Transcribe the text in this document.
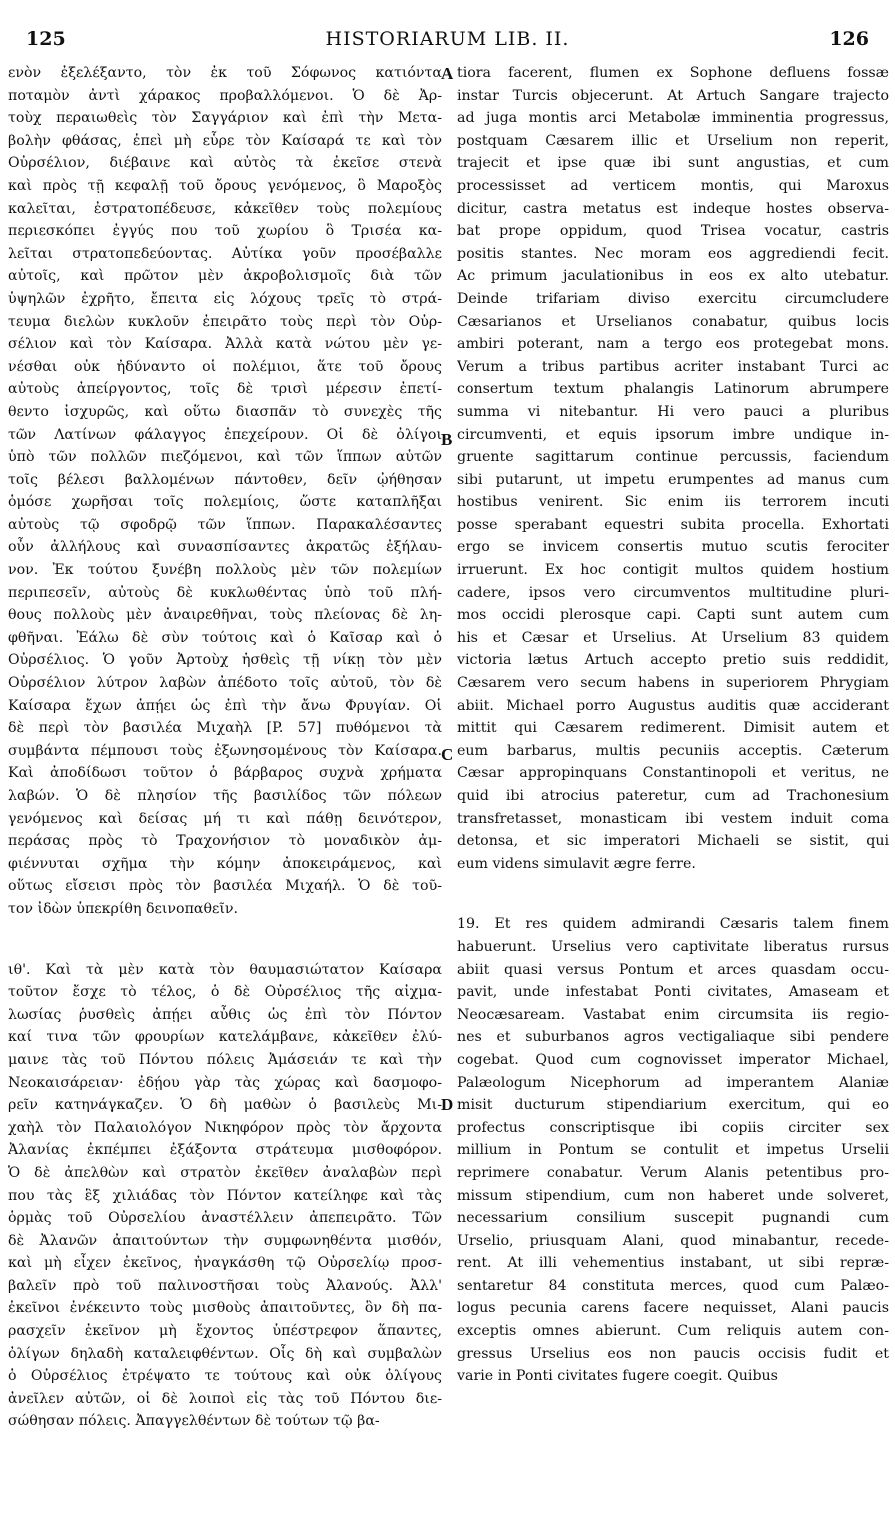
125	HISTORIARUM LIB. II.	126
A
B
C
D
ενὸν ἐξελέξαντο, τὸν ἐκ τοῦ Σόφωνος κατιόντα
ποταμὸν ἀντὶ χάρακος προβαλλόμενοι. Ὁ δὲ Ἀρ-
τοὺχ περαιωθεὶς τὸν Σαγγάριον καὶ ἐπὶ τὴν Μετα-
βολὴν φθάσας, ἐπεὶ μὴ εὗρε τὸν Καίσαρά τε καὶ τὸν
Οὐρσέλιον, διέβαινε καὶ αὐτὸς τὰ ἐκεῖσε στενὰ
καὶ πρὸς τῇ κεφαλῇ τοῦ ὄρους γενόμενος, ὃ Μαροξὸς
καλεῖται, ἐστρατοπέδευσε, κἀκεῖθεν τοὺς πολεμίους
περιεσκόπει ἐγγύς που τοῦ χωρίου ὃ Τρισέα κα-
λεῖται στρατοπεδεύοντας. Αὐτίκα γοῦν προσέβαλλε
αὐτοῖς, καὶ πρῶτον μὲν ἀκροβολισμοῖς διὰ τῶν
ὑψηλῶν ἐχρῆτο, ἔπειτα εἰς λόχους τρεῖς τὸ στρά-
τευμα διελὼν κυκλοῦν ἐπειρᾶτο τοὺς περὶ τὸν Οὐρ-
σέλιον καὶ τὸν Καίσαρα. Ἀλλὰ κατὰ νώτου μὲν γε-
νέσθαι οὐκ ἠδύναντο οἱ πολέμιοι, ἅτε τοῦ ὄρους
αὐτοὺς ἀπείργοντος, τοῖς δὲ τρισὶ μέρεσιν ἐπετί-
θεντο ἰσχυρῶς, καὶ οὕτω διασπᾶν τὸ συνεχὲς τῆς
τῶν Λατίνων φάλαγγος ἐπεχείρουν. Οἱ δὲ ὀλίγοι
ὑπὸ τῶν πολλῶν πιεζόμενοι, καὶ τῶν ἵππων αὐτῶν
τοῖς βέλεσι βαλλομένων πάντοθεν, δεῖν ᾠήθησαν
ὁμόσε χωρῆσαι τοῖς πολεμίοις, ὥστε καταπλῆξαι
αὐτοὺς τῷ σφοδρῷ τῶν ἵππων. Παρακαλέσαντες
οὖν ἀλλήλους καὶ συνασπίσαντες ἀκρατῶς ἐξήλαυ-
νον. Ἐκ τούτου ξυνέβη πολλοὺς μὲν τῶν πολεμίων
περιπεσεῖν, αὐτοὺς δὲ κυκλωθέντας ὑπὸ τοῦ πλή-
θους πολλοὺς μὲν ἀναιρεθῆναι, τοὺς πλείονας δὲ λη-
φθῆναι. Ἑάλω δὲ σὺν τούτοις καὶ ὁ Καῖσαρ καὶ ὁ
Οὐρσέλιος. Ὁ γοῦν Ἀρτοὺχ ἡσθεὶς τῇ νίκῃ τὸν μὲν
Οὐρσέλιον λύτρον λαβὼν ἀπέδοτο τοῖς αὐτοῦ, τὸν δὲ
Καίσαρα ἔχων ἀπῄει ὡς ἐπὶ τὴν ἄνω Φρυγίαν. Οἱ
δὲ περὶ τὸν βασιλέα Μιχαὴλ [P. 57] πυθόμενοι τὰ
συμβάντα πέμπουσι τοὺς ἐξωνησομένους τὸν Καίσαρα.
Καὶ ἀποδίδωσι τοῦτον ὁ βάρβαρος συχνὰ χρήματα
λαβών. Ὁ δὲ πλησίον τῆς βασιλίδος τῶν πόλεων
γενόμενος καὶ δείσας μή τι καὶ πάθῃ δεινότερον,
περάσας πρὸς τὸ Τραχονήσιον τὸ μοναδικὸν ἀμ-
φιέννυται σχῆμα τὴν κόμην ἀποκειράμενος, καὶ
οὕτως εἴσεισι πρὸς τὸν βασιλέα Μιχαήλ. Ὁ δὲ τοῦ-
τον ἰδὼν ὑπεκρίθη δεινοπαθεῖν.
ιθ'. Καὶ τὰ μὲν κατὰ τὸν θαυμασιώτατον Καίσαρα
τοῦτον ἔσχε τὸ τέλος, ὁ δὲ Οὐρσέλιος τῆς αἰχμα-
λωσίας ῥυσθεὶς ἀπῄει αὖθις ὡς ἐπὶ τὸν Πόντον
καί τινα τῶν φρουρίων κατελάμβανε, κἀκεῖθεν ἐλύ-
μαινε τὰς τοῦ Πόντου πόλεις Ἀμάσειάν τε καὶ τὴν
Νεοκαισάρειαν· ἐδῄου γὰρ τὰς χώρας καὶ δασμοφο-
ρεῖν κατηνάγκαζεν. Ὁ δὴ μαθὼν ὁ βασιλεὺς Μι-
χαὴλ τὸν Παλαιολόγον Νικηφόρον πρὸς τὸν ἄρχοντα
Ἀλανίας ἐκπέμπει ἐξάξοντα στράτευμα μισθοφόρον.
Ὁ δὲ ἀπελθὼν καὶ στρατὸν ἐκεῖθεν ἀναλαβὼν περὶ
που τὰς ἓξ χιλιάδας τὸν Πόντον κατείληφε καὶ τὰς
ὁρμὰς τοῦ Οὐρσελίου ἀναστέλλειν ἀπεπειρᾶτο. Τῶν
δὲ Ἀλανῶν ἀπαιτούντων τὴν συμφωνηθέντα μισθόν,
καὶ μὴ εἶχεν ἐκεῖνος, ἠναγκάσθη τῷ Οὐρσελίῳ προσ-
βαλεῖν πρὸ τοῦ παλινοστῆσαι τοὺς Ἀλανούς. Ἀλλ'
ἐκεῖνοι ἐνέκειντο τοὺς μισθοὺς ἀπαιτοῦντες, ὃν δὴ πα-
ρασχεῖν ἐκεῖνον μὴ ἔχοντος ὑπέστρεφον ἅπαντες,
ὀλίγων δηλαδὴ καταλειφθέντων. Οἷς δὴ καὶ συμβαλὼν
ὁ Οὐρσέλιος ἐτρέψατο τε τούτους καὶ οὐκ ὀλίγους
ἀνεῖλεν αὐτῶν, οἱ δὲ λοιποὶ εἰς τὰς τοῦ Πόντου διε-
σώθησαν πόλεις. Ἀπαγγελθέντων δὲ τούτων τῷ βα-
tiora facerent, flumen ex Sophone defluens fossæ
instar Turcis objecerunt. At Artuch Sangare trajecto
ad juga montis arci Metabolæ imminentia progressus,
postquam Cæsarem illic et Urselium non reperit,
trajecit et ipse quæ ibi sunt angustias, et cum
processisset ad verticem montis, qui Maroxus
dicitur, castra metatus est indeque hostes observa-
bat prope oppidum, quod Trisea vocatur, castris
positis stantes. Nec moram eos aggrediendi fecit.
Ac primum jaculationibus in eos ex alto utebatur.
Deinde trifariam diviso exercitu circumcludere
Cæsarianos et Urselianos conabatur, quibus locis
ambiri poterant, nam a tergo eos protegebat mons.
Verum a tribus partibus acriter instabant Turci ac
consertum textum phalangis Latinorum abrumpere
summa vi nitebantur. Hi vero pauci a pluribus
circumventi, et equis ipsorum imbre undique in-
gruente sagittarum continue percussis, faciendum
sibi putarunt, ut impetu erumpentes ad manus cum
hostibus venirent. Sic enim iis terrorem incuti
posse sperabant equestri subita procella. Exhortati
ergo se invicem consertis mutuo scutis ferociter
irruerunt. Ex hoc contigit multos quidem hostium
cadere, ipsos vero circumventos multitudine pluri-
mos occidi plerosque capi. Capti sunt autem cum
his et Cæsar et Urselius. At Urselium 83 quidem
victoria lætus Artuch accepto pretio suis reddidit,
Cæsarem vero secum habens in superiorem Phrygiam
abiit. Michael porro Augustus auditis quæ acciderant
mittit qui Cæsarem redimerent. Dimisit autem et
eum barbarus, multis pecuniis acceptis. Cæterum
Cæsar appropinquans Constantinopoli et veritus, ne
quid ibi atrocius pateretur, cum ad Trachonesium
transfretasset, monasticam ibi vestem induit coma
detonsa, et sic imperatori Michaeli se sistit, qui
eum videns simulavit ægre ferre.
19. Et res quidem admirandi Cæsaris talem finem
habuerunt. Urselius vero captivitate liberatus rursus
abiit quasi versus Pontum et arces quasdam occu-
pavit, unde infestabat Ponti civitates, Amaseam et
Neocæsaream. Vastabat enim circumsita iis regio-
nes et suburbanos agros vectigaliaque sibi pendere
cogebat. Quod cum cognovisset imperator Michael,
Palæologum Nicephorum ad imperantem Alaniæ
misit ducturum stipendiarium exercitum, qui eo
profectus conscriptisque ibi copiis circiter sex
millium in Pontum se contulit et impetus Urselii
reprimere conabatur. Verum Alanis petentibus pro-
missum stipendium, cum non haberet unde solveret,
necessarium consilium suscepit pugnandi cum
Urselio, priusquam Alani, quod minabantur, recede-
rent. At illi vehementius instabant, ut sibi repræ-
sentaretur 84 constituta merces, quod cum Palæo-
logus pecunia carens facere nequisset, Alani paucis
exceptis omnes abierunt. Cum reliquis autem con-
gressus Urselius eos non paucis occisis fudit et
varie in Ponti civitates fugere coegit. Quibus
